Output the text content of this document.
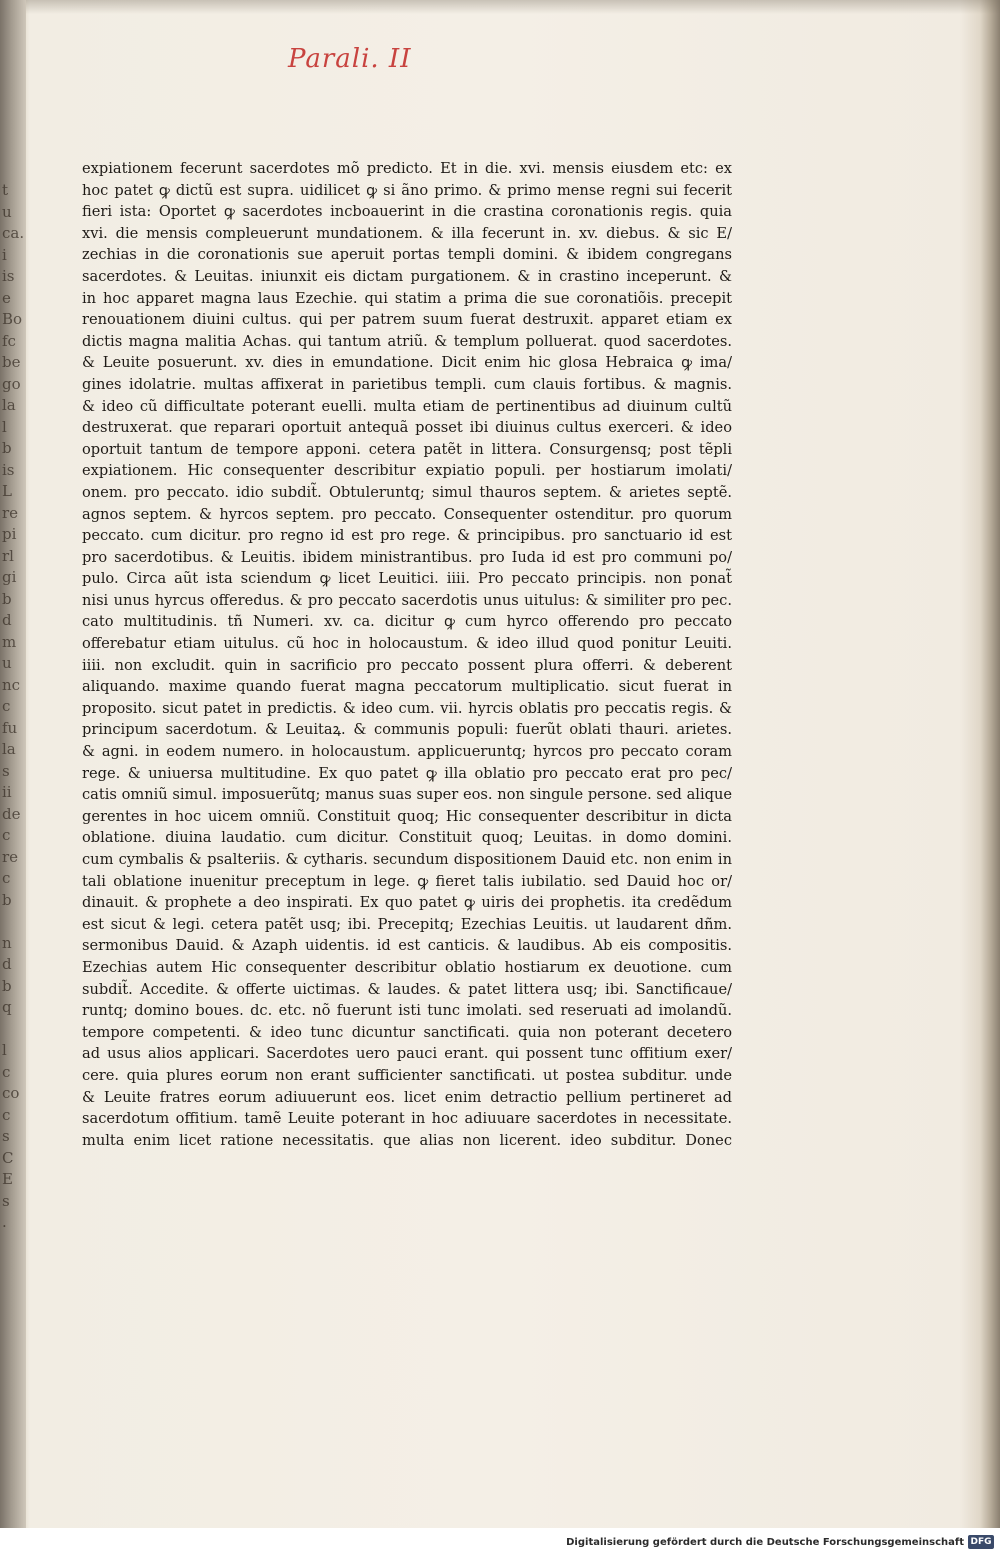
t
u
ca.
i
is
e
Bo
fc
be
go
la
l
b
is
L
re
pi
rl
gi
b
d
m
u
nc
c
fu
la
s
ii
de
c
re
c
b

n
d
b
q

l
c
co
c
s
C
E
s
.
Parali. II
expiationem fecerunt sacerdotes mõ predicto. Et in die. xvi. mensis eiusdem etc: ex
hoc patet ꝙ dictũ est supra. uidilicet ꝙ si ãno primo. & primo mense regni sui fecerit
fieri ista: Oportet ꝙ sacerdotes incboauerint in die crastina coronationis regis. quia
xvi. die mensis compleuerunt mundationem. & illa fecerunt in. xv. diebus. & sic E/
zechias in die coronationis sue aperuit portas templi domini. & ibidem congregans
sacerdotes. & Leuitas. iniunxit eis dictam purgationem. & in crastino inceperunt. &
in hoc apparet magna laus Ezechie. qui statim a prima die sue coronatiõis. precepit
renouationem diuini cultus. qui per patrem suum fuerat destruxit. apparet etiam ex
dictis magna malitia Achas. qui tantum atriũ. & templum polluerat. quod sacerdotes.
& Leuite posuerunt. xv. dies in emundatione. Dicit enim hic glosa Hebraica ꝙ ima/
gines idolatrie. multas affixerat in parietibus templi. cum clauis fortibus. & magnis.
& ideo cũ difficultate poterant euelli. multa etiam de pertinentibus ad diuinum cultũ
destruxerat. que reparari oportuit antequã posset ibi diuinus cultus exerceri. & ideo
oportuit tantum de tempore apponi. cetera patẽt in littera. Consurgensq; post tẽpli
expiationem. Hic consequenter describitur expiatio populi. per hostiarum imolati/
onem. pro peccato. idio subdit̃. Obtuleruntq; simul thauros septem. & arietes septẽ.
agnos septem. & hyrcos septem. pro peccato. Consequenter ostenditur. pro quorum
peccato. cum dicitur. pro regno id est pro rege. & principibus. pro sanctuario id est
pro sacerdotibus. & Leuitis. ibidem ministrantibus. pro Iuda id est pro communi po/
pulo. Circa aũt ista sciendum ꝙ licet Leuitici. iiii. Pro peccato principis. non ponat̃
nisi unus hyrcus offeredus. & pro peccato sacerdotis unus uitulus: & similiter pro pec.
cato multitudinis. tñ Numeri. xv. ca. dicitur ꝙ cum hyrco offerendo pro peccato
offerebatur etiam uitulus. cũ hoc in holocaustum. & ideo illud quod ponitur Leuiti.
iiii. non excludit. quin in sacrificio pro peccato possent plura offerri. & deberent
aliquando. maxime quando fuerat magna peccatorum multiplicatio. sicut fuerat in
proposito. sicut patet in predictis. & ideo cum. vii. hyrcis oblatis pro peccatis regis. &
principum sacerdotum. & Leuitaꝝ. & communis populi: fuerũt oblati thauri. arietes.
& agni. in eodem numero. in holocaustum. applicueruntq; hyrcos pro peccato coram
rege. & uniuersa multitudine. Ex quo patet ꝙ illa oblatio pro peccato erat pro pec/
catis omniũ simul. imposuerũtq; manus suas super eos. non singule persone. sed alique
gerentes in hoc uicem omniũ. Constituit quoq; Hic consequenter describitur in dicta
oblatione. diuina laudatio. cum dicitur. Constituit quoq; Leuitas. in domo domini.
cum cymbalis & psalteriis. & cytharis. secundum dispositionem Dauid etc. non enim in
tali oblatione inuenitur preceptum in lege. ꝙ fieret talis iubilatio. sed Dauid hoc or/
dinauit. & prophete a deo inspirati. Ex quo patet ꝙ uiris dei prophetis. ita credẽdum
est sicut & legi. cetera patẽt usq; ibi. Precepitq; Ezechias Leuitis. ut laudarent dñm.
sermonibus Dauid. & Azaph uidentis. id est canticis. & laudibus. Ab eis compositis.
Ezechias autem Hic consequenter describitur oblatio hostiarum ex deuotione. cum
subdit̃. Accedite. & offerte uictimas. & laudes. & patet littera usq; ibi. Sanctificaue/
runtq; domino boues. dc. etc. nõ fuerunt isti tunc imolati. sed reseruati ad imolandũ.
tempore competenti. & ideo tunc dicuntur sanctificati. quia non poterant decetero
ad usus alios applicari. Sacerdotes uero pauci erant. qui possent tunc offitium exer/
cere. quia plures eorum non erant sufficienter sanctificati. ut postea subditur. unde
& Leuite fratres eorum adiuuerunt eos. licet enim detractio pellium pertineret ad
sacerdotum offitium. tamẽ Leuite poterant in hoc adiuuare sacerdotes in necessitate.
multa enim licet ratione necessitatis. que alias non licerent. ideo subditur. Donec
Digitalisierung gefördert durch die Deutsche Forschungsgemeinschaft DFG
